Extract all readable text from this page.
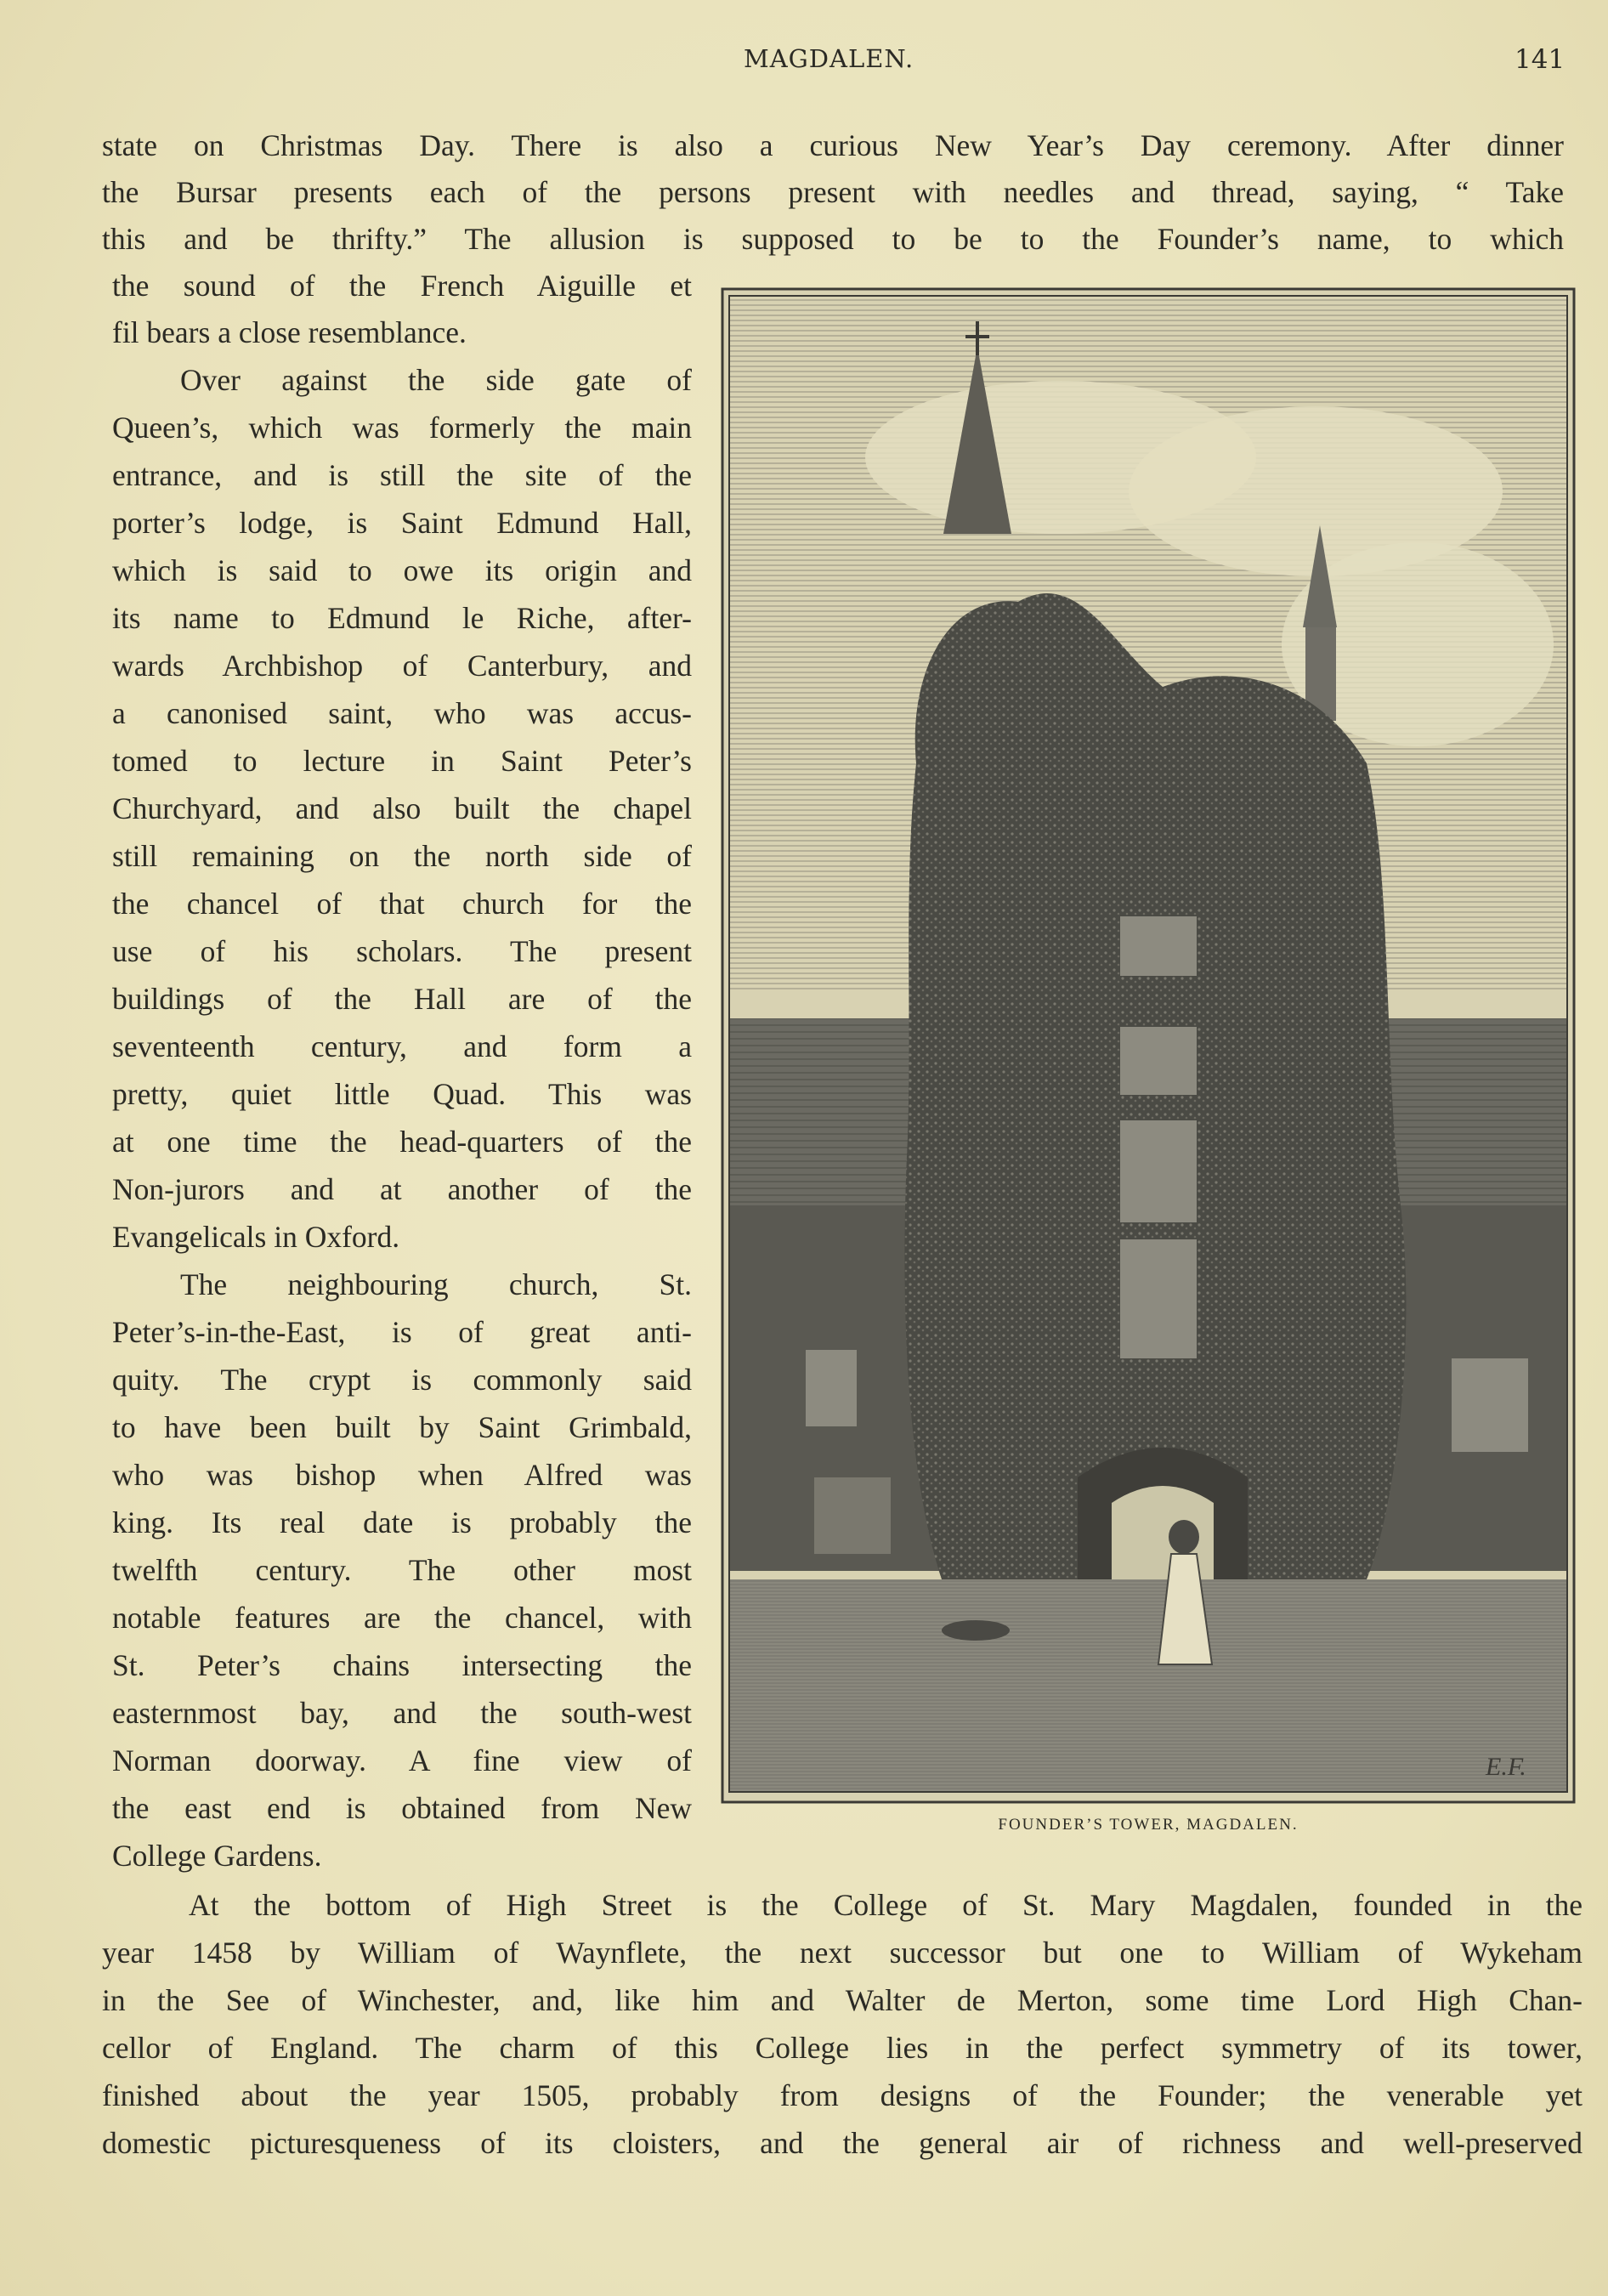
MAGDALEN.	141
state on Christmas Day. There is also a curious New Year’s Day ceremony. After dinner
the Bursar presents each of the persons present with needles and thread, saying, “ Take
this and be thrifty.” The allusion is supposed to be to the Founder’s name, to which
the sound of the French Aiguille et
fil bears a close resemblance.
Over against the side gate of
Queen’s, which was formerly the main
entrance, and is still the site of the
porter’s lodge, is Saint Edmund Hall,
which is said to owe its origin and
its name to Edmund le Riche, after-
wards Archbishop of Canterbury, and
a canonised saint, who was accus-
tomed to lecture in Saint Peter’s
Churchyard, and also built the chapel
still remaining on the north side of
the chancel of that church for the
use of his scholars. The present
buildings of the Hall are of the
seventeenth century, and form a
pretty, quiet little Quad. This was
at one time the head-quarters of the
Non-jurors and at another of the
Evangelicals in Oxford.
The neighbouring church, St.
Peter’s-in-the-East, is of great anti-
quity. The crypt is commonly said
to have been built by Saint Grimbald,
who was bishop when Alfred was
king. Its real date is probably the
twelfth century. The other most
notable features are the chancel, with
St. Peter’s chains intersecting the
easternmost bay, and the south-west
Norman doorway. A fine view of
the east end is obtained from New
College Gardens.
At the bottom of High Street is the College of St. Mary Magdalen, founded in the
year 1458 by William of Waynflete, the next successor but one to William of Wykeham
in the See of Winchester, and, like him and Walter de Merton, some time Lord High Chan-
cellor of England. The charm of this College lies in the perfect symmetry of its tower,
finished about the year 1505, probably from designs of the Founder; the venerable yet
domestic picturesqueness of its cloisters, and the general air of richness and well-preserved
E.F.
FOUNDER’S TOWER, MAGDALEN.
